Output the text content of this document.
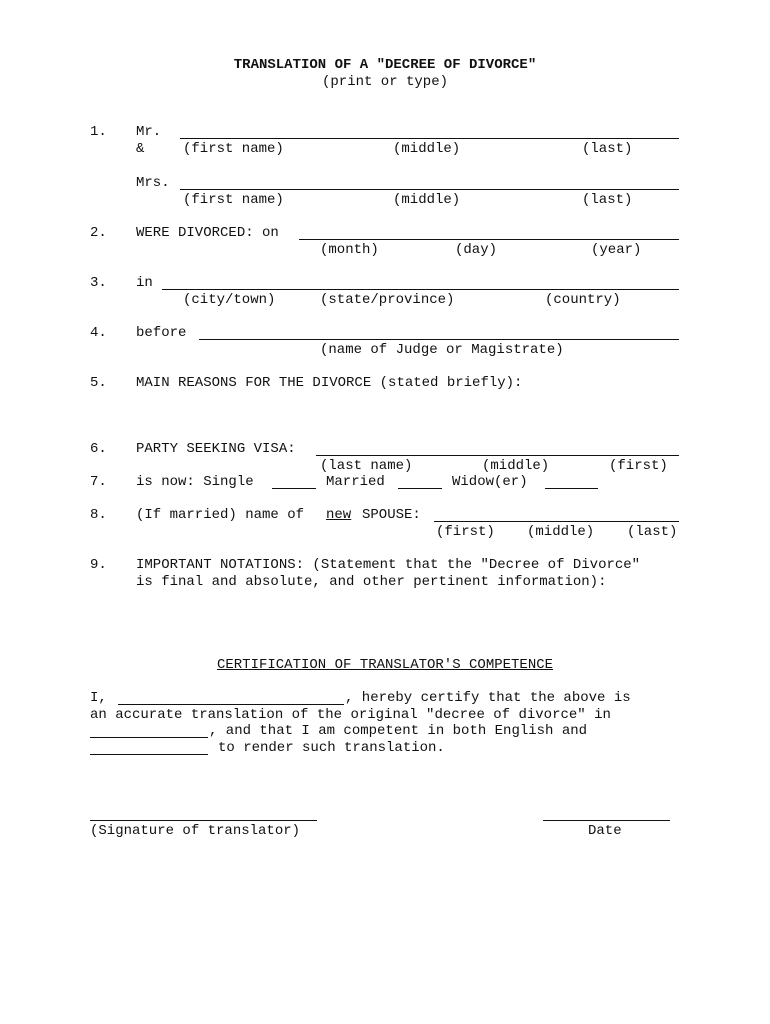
TRANSLATION OF A "DECREE OF DIVORCE"
(print or type)
1. Mr.
&	(first name)	(middle)	(last)
Mrs.
(first name)	(middle)	(last)
2. WERE DIVORCED: on
(month)	(day)	(year)
3. in
(city/town)	(state/province)	(country)
4. before
(name of Judge or Magistrate)
5. MAIN REASONS FOR THE DIVORCE (stated briefly):
6. PARTY SEEKING VISA:
(last name)	(middle)	(first)
7. is now: Single	Married	Widow(er)
8. (If married) name of new SPOUSE:
(first) (middle) (last)
9. IMPORTANT NOTATIONS: (Statement that the "Decree of Divorce"
is final and absolute, and other pertinent information):
CERTIFICATION OF TRANSLATOR'S COMPETENCE
I,	, hereby certify that the above is
an accurate translation of the original "decree of divorce" in
, and that I am competent in both English and
to render such translation.
(Signature of translator)	Date
